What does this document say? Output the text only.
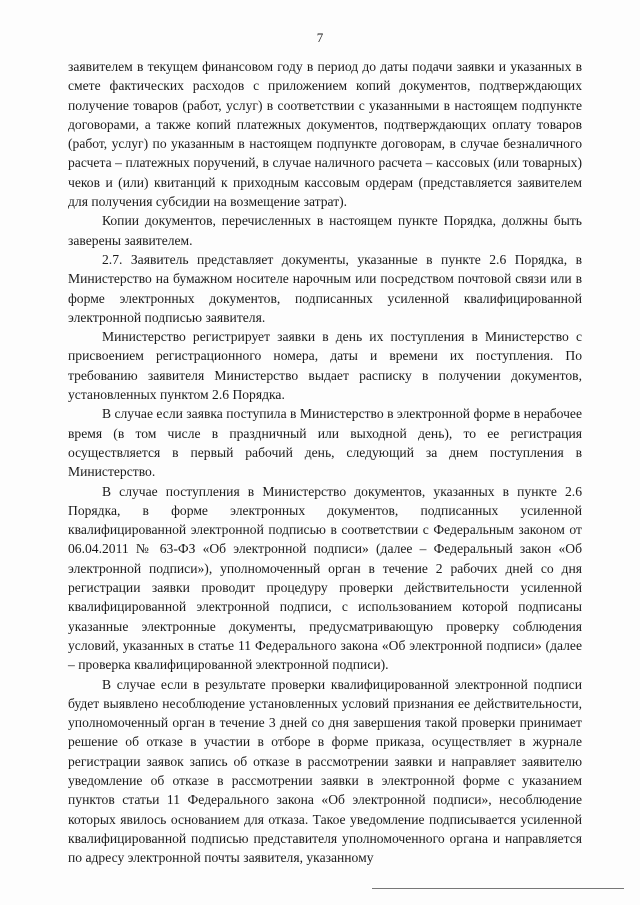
7

заявителем в текущем финансовом году в период до даты подачи заявки и указанных в смете фактических расходов с приложением копий документов, подтверждающих получение товаров (работ, услуг) в соответствии с указанными в настоящем подпункте договорами, а также копий платежных документов, подтверждающих оплату товаров (работ, услуг) по указанным в настоящем подпункте договорам, в случае безналичного расчета – платежных поручений, в случае наличного расчета – кассовых (или товарных) чеков и (или) квитанций к приходным кассовым ордерам (представляется заявителем для получения субсидии на возмещение затрат).

Копии документов, перечисленных в настоящем пункте Порядка, должны быть заверены заявителем.

2.7. Заявитель представляет документы, указанные в пункте 2.6 Порядка, в Министерство на бумажном носителе нарочным или посредством почтовой связи или в форме электронных документов, подписанных усиленной квалифицированной электронной подписью заявителя.

Министерство регистрирует заявки в день их поступления в Министерство с присвоением регистрационного номера, даты и времени их поступления. По требованию заявителя Министерство выдает расписку в получении документов, установленных пунктом 2.6 Порядка.

В случае если заявка поступила в Министерство в электронной форме в нерабочее время (в том числе в праздничный или выходной день), то ее регистрация осуществляется в первый рабочий день, следующий за днем поступления в Министерство.

В случае поступления в Министерство документов, указанных в пункте 2.6 Порядка, в форме электронных документов, подписанных усиленной квалифицированной электронной подписью в соответствии с Федеральным законом от 06.04.2011 № 63-ФЗ «Об электронной подписи» (далее – Федеральный закон «Об электронной подписи»), уполномоченный орган в течение 2 рабочих дней со дня регистрации заявки проводит процедуру проверки действительности усиленной квалифицированной электронной подписи, с использованием которой подписаны указанные электронные документы, предусматривающую проверку соблюдения условий, указанных в статье 11 Федерального закона «Об электронной подписи» (далее – проверка квалифицированной электронной подписи).

В случае если в результате проверки квалифицированной электронной подписи будет выявлено несоблюдение установленных условий признания ее действительности, уполномоченный орган в течение 3 дней со дня завершения такой проверки принимает решение об отказе в участии в отборе в форме приказа, осуществляет в журнале регистрации заявок запись об отказе в рассмотрении заявки и направляет заявителю уведомление об отказе в рассмотрении заявки в электронной форме с указанием пунктов статьи 11 Федерального закона «Об электронной подписи», несоблюдение которых явилось основанием для отказа. Такое уведомление подписывается усиленной квалифицированной подписью представителя уполномоченного органа и направляется по адресу электронной почты заявителя, указанному
